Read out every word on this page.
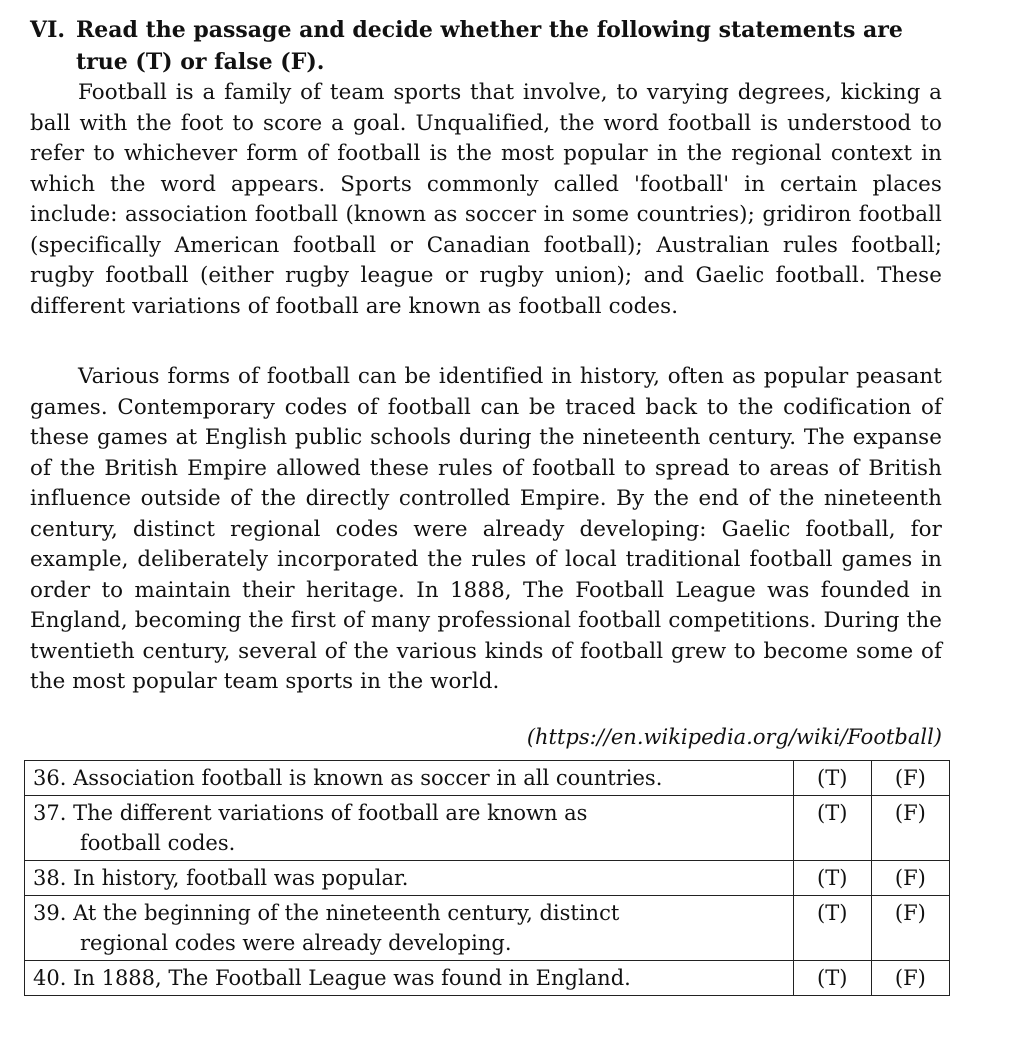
VI. Read the passage and decide whether the following statements are
true (T) or false (F).

Football is a family of team sports that involve, to varying degrees, kicking a ball with the foot to score a goal. Unqualified, the word football is understood to refer to whichever form of football is the most popular in the regional context in which the word appears. Sports commonly called 'football' in certain places include: association football (known as soccer in some countries); gridiron football (specifically American football or Canadian football); Australian rules football; rugby football (either rugby league or rugby union); and Gaelic football. These different variations of football are known as football codes.

Various forms of football can be identified in history, often as popular peasant games. Contemporary codes of football can be traced back to the codification of these games at English public schools during the nineteenth century. The expanse of the British Empire allowed these rules of football to spread to areas of British influence outside of the directly controlled Empire. By the end of the nineteenth century, distinct regional codes were already developing: Gaelic football, for example, deliberately incorporated the rules of local traditional football games in order to maintain their heritage. In 1888, The Football League was founded in England, becoming the first of many professional football competitions. During the twentieth century, several of the various kinds of football grew to become some of the most popular team sports in the world.

(https://en.wikipedia.org/wiki/Football)
36. Association football is known as soccer in all countries.	(T)	(F)
37. The different variations of football are known as
football codes.	(T)	(F)
38. In history, football was popular.	(T)	(F)
39. At the beginning of the nineteenth century, distinct
regional codes were already developing.	(T)	(F)
40. In 1888, The Football League was found in England.	(T)	(F)
